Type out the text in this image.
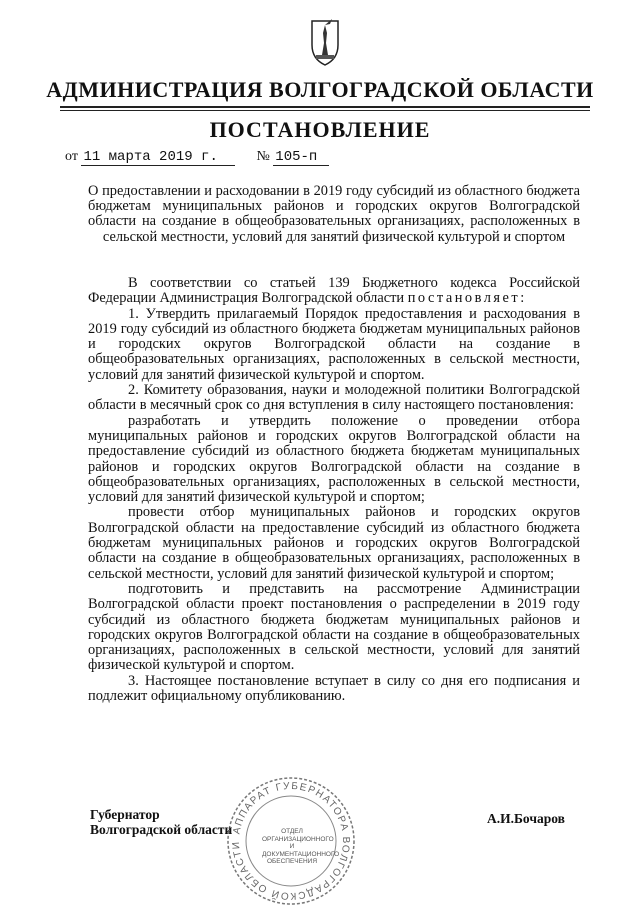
АДМИНИСТРАЦИЯ ВОЛГОГРАДСКОЙ ОБЛАСТИ
ПОСТАНОВЛЕНИЕ
от 11 марта 2019 г.	№ 105-п
О предоставлении и расходовании в 2019 году субсидий из областного бюджета бюджетам муниципальных районов и городских округов Волгоградской области на создание в общеобразовательных организациях, расположенных в сельской местности, условий для занятий физической культурой и спортом

В соответствии со статьей 139 Бюджетного кодекса Российской Федерации Администрация Волгоградской области постановляет:

1. Утвердить прилагаемый Порядок предоставления и расходования в 2019 году субсидий из областного бюджета бюджетам муниципальных районов и городских округов Волгоградской области на создание в общеобразовательных организациях, расположенных в сельской местности, условий для занятий физической культурой и спортом.

2. Комитету образования, науки и молодежной политики Волгоградской области в месячный срок со дня вступления в силу настоящего постановления:

разработать и утвердить положение о проведении отбора муниципальных районов и городских округов Волгоградской области на предоставление субсидий из областного бюджета бюджетам муниципальных районов и городских округов Волгоградской области на создание в общеобразовательных организациях, расположенных в сельской местности, условий для занятий физической культурой и спортом;

провести отбор муниципальных районов и городских округов Волгоградской области на предоставление субсидий из областного бюджета бюджетам муниципальных районов и городских округов Волгоградской области на создание в общеобразовательных организациях, расположенных в сельской местности, условий для занятий физической культурой и спортом;

подготовить и представить на рассмотрение Администрации Волгоградской области проект постановления о распределении в 2019 году субсидий из областного бюджета бюджетам муниципальных районов и городских округов Волгоградской области на создание в общеобразовательных организациях, расположенных в сельской местности, условий для занятий физической культурой и спортом.

3. Настоящее постановление вступает в силу со дня его подписания и подлежит официальному опубликованию.

АППАРАТ ГУБЕРНАТОРА ВОЛГОГРАДСКОЙ ОБЛАСТИ
ОТДЕЛ ОРГАНИЗАЦИОННОГО И ДОКУМЕНТАЦИОННОГО ОБЕСПЕЧЕНИЯ
Губернатор
Волгоградской области
А.И.Бочаров
